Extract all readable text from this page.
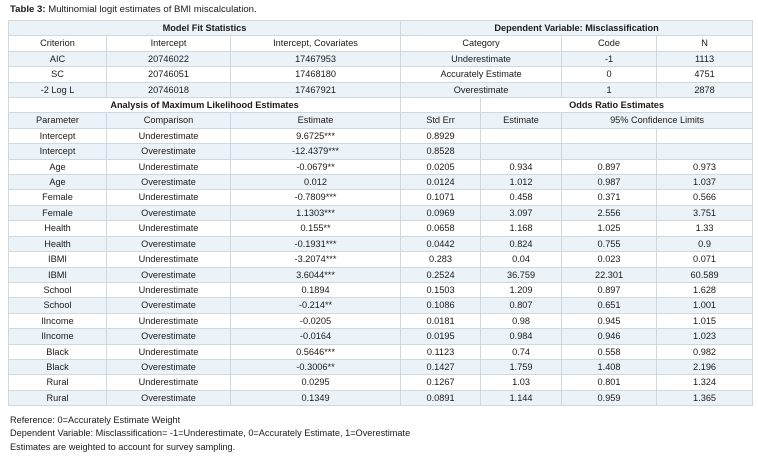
Table 3: Multinomial logit estimates of BMI miscalculation.
Model Fit Statistics			Dependent Variable: Misclassification			
Criterion	Intercept	Intercept, Covariates	Category		Code	N
AIC	20746022	17467953	Underestimate		-1	1113
SC	20746051	17468180	Accurately Estimate		0	4751
-2 Log L	20746018	17467921	Overestimate		1	2878
Analysis of Maximum Likelihood Estimates				Odds Ratio Estimates		
Parameter	Comparison	Estimate	Std Err	Estimate	95% Confidence Limits	
Intercept	Underestimate	9.6725***	0.8929			
Intercept	Overestimate	-12.4379***	0.8528			
Age	Underestimate	-0.0679**	0.0205	0.934	0.897	0.973
Age	Overestimate	0.012	0.0124	1.012	0.987	1.037
Female	Underestimate	-0.7809***	0.1071	0.458	0.371	0.566
Female	Overestimate	1.1303***	0.0969	3.097	2.556	3.751
Health	Underestimate	0.155**	0.0658	1.168	1.025	1.33
Health	Overestimate	-0.1931***	0.0442	0.824	0.755	0.9
IBMI	Underestimate	-3.2074***	0.283	0.04	0.023	0.071
IBMI	Overestimate	3.6044***	0.2524	36.759	22.301	60.589
School	Underestimate	0.1894	0.1503	1.209	0.897	1.628
School	Overestimate	-0.214**	0.1086	0.807	0.651	1.001
lIncome	Underestimate	-0.0205	0.0181	0.98	0.945	1.015
lIncome	Overestimate	-0.0164	0.0195	0.984	0.946	1.023
Black	Underestimate	0.5646***	0.1123	0.74	0.558	0.982
Black	Overestimate	-0.3006**	0.1427	1.759	1.408	2.196
Rural	Underestimate	0.0295	0.1267	1.03	0.801	1.324
Rural	Overestimate	0.1349	0.0891	1.144	0.959	1.365
Reference: 0=Accurately Estimate Weight
Dependent Variable: Misclassification= -1=Underestimate, 0=Accurately Estimate, 1=Overestimate
Estimates are weighted to account for survey sampling.
